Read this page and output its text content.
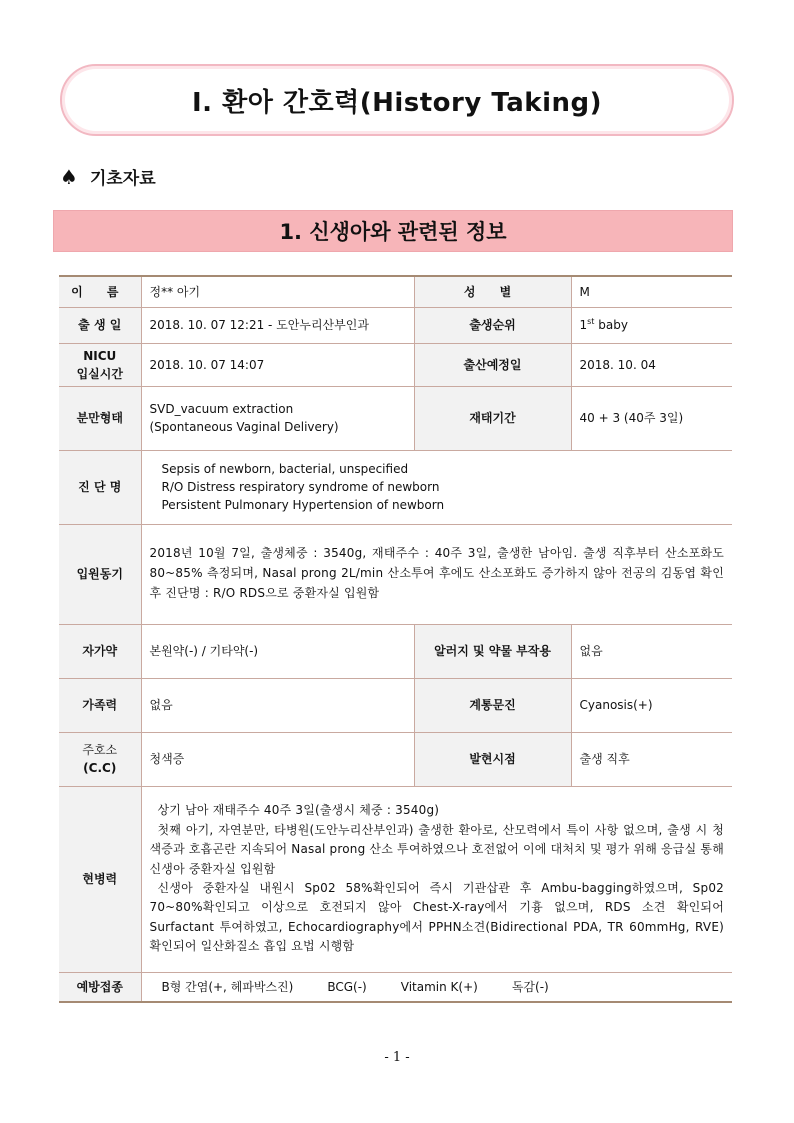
Ⅰ. 환아 간호력(History Taking)
♠ 기초자료
1. 신생아와 관련된 정보
이 름	정** 아기	성 별	M
출 생 일	2018. 10. 07 12:21 - 도안누리산부인과	출생순위	1st baby

NICU
입실시간	2018. 10. 07 14:07	출산예정일	2018. 10. 04
분만형태	SVD_vacuum extraction
(Spontaneous Vaginal Delivery)	재태기간	40 + 3 (40주 3일)
진 단 명	Sepsis of newborn, bacterial, unspecified
R/O Distress respiratory syndrome of newborn
Persistent Pulmonary Hypertension of newborn		

입원동기	2018년 10월 7일, 출생체중 : 3540g, 재태주수 : 40주 3일, 출생한 남아임. 출생 직후부터 산소포화도 80~85% 측정되며, Nasal prong 2L/min 산소투여 후에도 산소포화도 증가하지 않아 전공의 김동엽 확인 후 진단명 : R/O RDS으로 중환자실 입원함		
자가약	본원약(-) / 기타약(-)	알러지 및 약물 부작용	없음
가족력	없음	계통문진	Cyanosis(+)

주호소
(C.C)	청색증	발현시점	출생 직후
현병력	상기 남아 재태주수 40주 3일(출생시 체중 : 3540g)
첫째 아기, 자연분만, 타병원(도안누리산부인과) 출생한 환아로, 산모력에서 특이 사항 없으며, 출생 시 청색증과 호흡곤란 지속되어 Nasal prong 산소 투여하였으나 호전없어 이에 대처치 및 평가 위해 응급실 통해 신생아 중환자실 입원함
신생아 중환자실 내원시 Sp02 58%확인되어 즉시 기관삽관 후 Ambu-bagging하였으며, Sp02 70~80%확인되고 이상으로 호전되지 않아 Chest-X-ray에서 기흉 없으며, RDS 소견 확인되어 Surfactant 투여하였고, Echocardiography에서 PPHN소견(Bidirectional PDA, TR 60mmHg, RVE)확인되어 일산화질소 흡입 요법 시행함		

예방접종	B형 간염(+, 헤파박스진) BCG(-) Vitamin K(+) 독감(-)		
- 1 -
